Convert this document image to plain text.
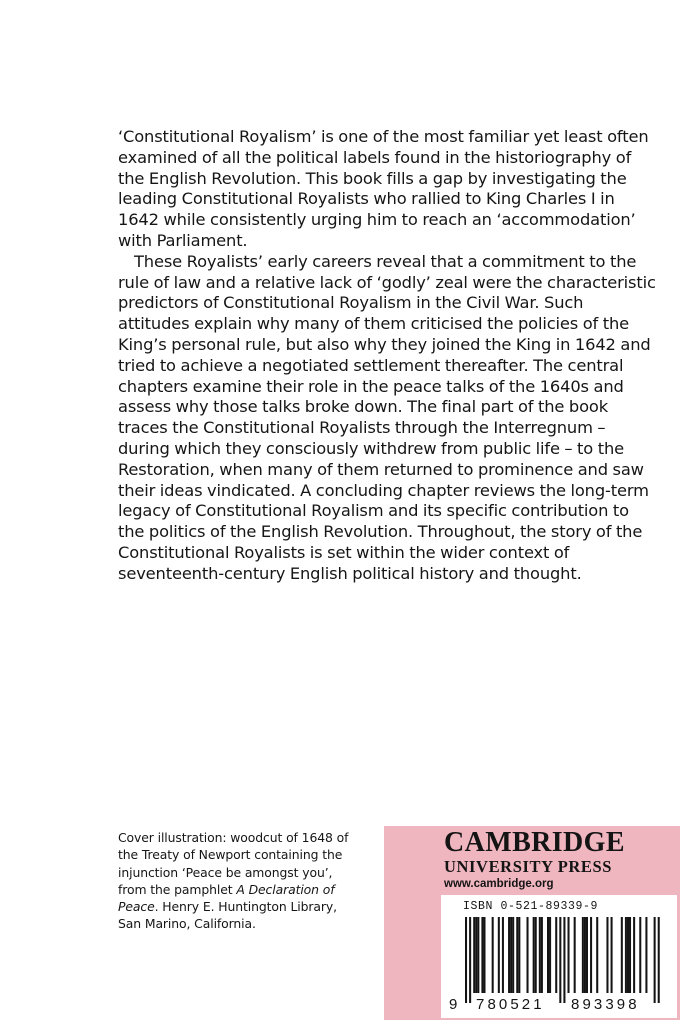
‘Constitutional Royalism’ is one of the most familiar yet least often examined of all the political labels found in the historiography of the English Revolution. This book fills a gap by investigating the leading Constitutional Royalists who rallied to King Charles I in 1642 while consistently urging him to reach an ‘accommodation’ with Parliament.

These Royalists’ early careers reveal that a commitment to the rule of law and a relative lack of ‘godly’ zeal were the characteristic predictors of Constitutional Royalism in the Civil War. Such attitudes explain why many of them criticised the policies of the King’s personal rule, but also why they joined the King in 1642 and tried to achieve a negotiated settlement thereafter. The central chapters examine their role in the peace talks of the 1640s and assess why those talks broke down. The final part of the book traces the Constitutional Royalists through the Interregnum – during which they consciously withdrew from public life – to the Restoration, when many of them returned to prominence and saw their ideas vindicated. A concluding chapter reviews the long-term legacy of Constitutional Royalism and its specific contribution to the politics of the English Revolution. Throughout, the story of the Constitutional Royalists is set within the wider context of seventeenth-century English political history and thought.

Cover illustration: woodcut of 1648 of
the Treaty of Newport containing the
injunction ‘Peace be amongst you’,
from the pamphlet A Declaration of
Peace. Henry E. Huntington Library,
San Marino, California.
CAMBRIDGE
UNIVERSITY PRESS
www.cambridge.org
ISBN 0-521-89339-9
9 780521 893398
